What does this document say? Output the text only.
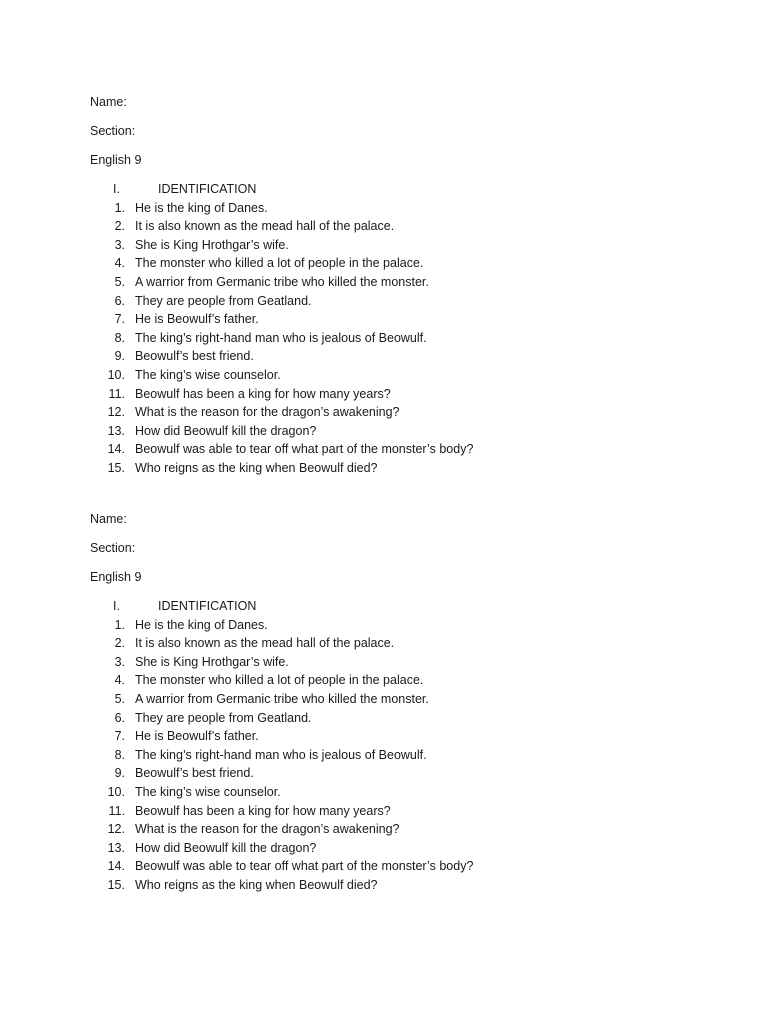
Name:
Section:
English 9
I.	IDENTIFICATION
1. He is the king of Danes.
2. It is also known as the mead hall of the palace.
3. She is King Hrothgar’s wife.
4. The monster who killed a lot of people in the palace.
5. A warrior from Germanic tribe who killed the monster.
6. They are people from Geatland.
7. He is Beowulf’s father.
8. The king’s right-hand man who is jealous of Beowulf.
9. Beowulf’s best friend.
10. The king’s wise counselor.
11. Beowulf has been a king for how many years?
12. What is the reason for the dragon’s awakening?
13. How did Beowulf kill the dragon?
14. Beowulf was able to tear off what part of the monster’s body?
15. Who reigns as the king when Beowulf died?
Name:
Section:
English 9
I.	IDENTIFICATION
1. He is the king of Danes.
2. It is also known as the mead hall of the palace.
3. She is King Hrothgar’s wife.
4. The monster who killed a lot of people in the palace.
5. A warrior from Germanic tribe who killed the monster.
6. They are people from Geatland.
7. He is Beowulf’s father.
8. The king’s right-hand man who is jealous of Beowulf.
9. Beowulf’s best friend.
10. The king’s wise counselor.
11. Beowulf has been a king for how many years?
12. What is the reason for the dragon’s awakening?
13. How did Beowulf kill the dragon?
14. Beowulf was able to tear off what part of the monster’s body?
15. Who reigns as the king when Beowulf died?
